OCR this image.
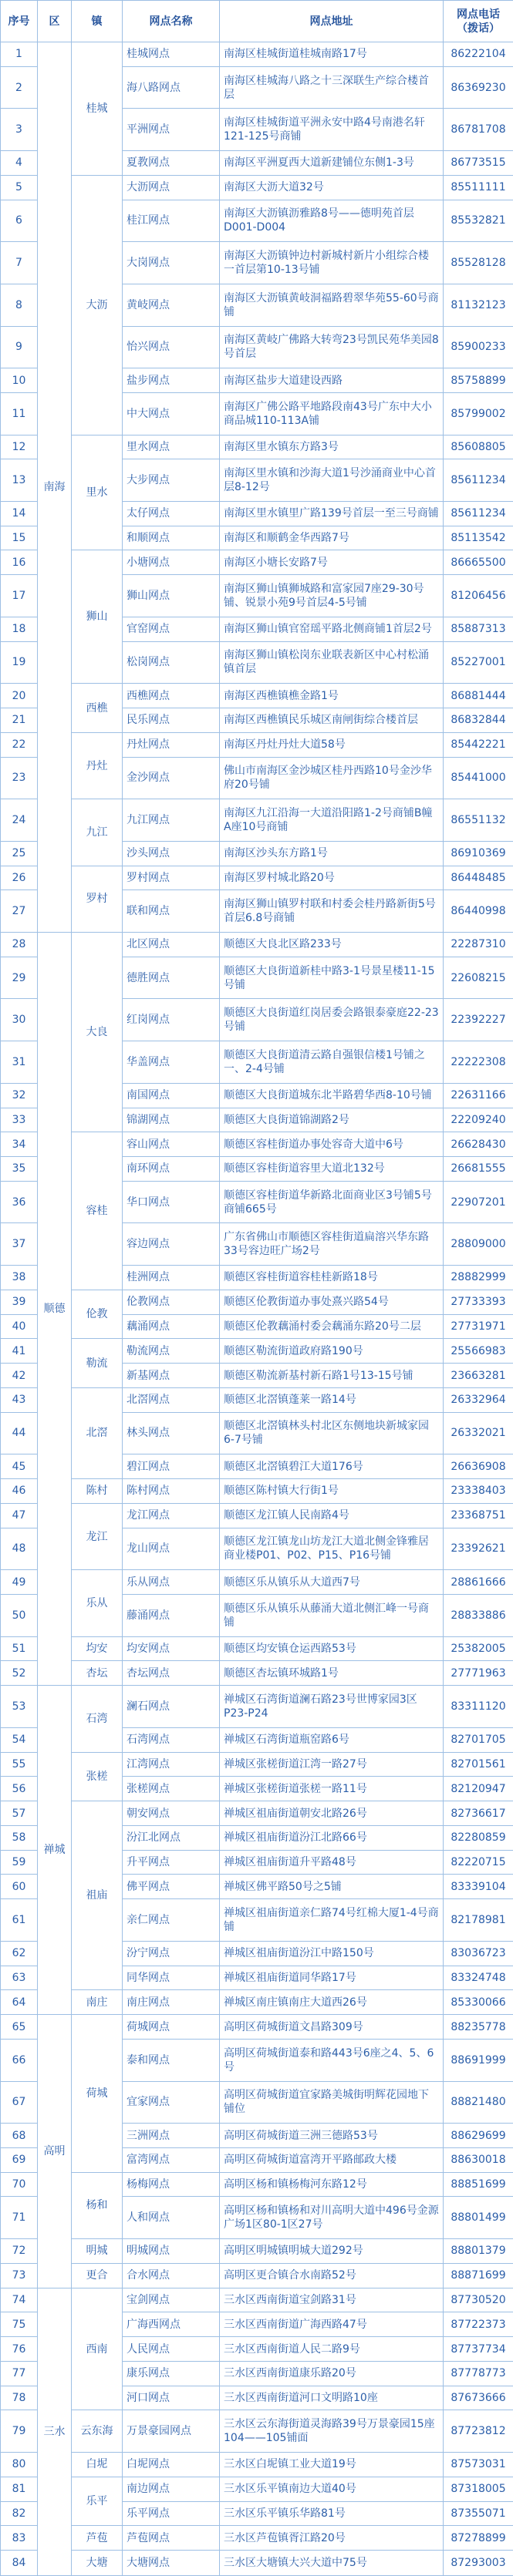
序号	区	镇	网点名称	网点地址	网点电话
（拨话）
1	南海	桂城	桂城网点	南海区桂城街道桂城南路17号	86222104
2			海八路网点	南海区桂城海八路之十三深联生产综合楼首层	86369230
3			平洲网点	南海区桂城街道平洲永安中路4号南港名轩121-125号商铺	86781708
4			夏教网点	南海区平洲夏西大道新建铺位东侧1-3号	86773515
5		大沥	大沥网点	南海区大沥大道32号	85511111
6			桂江网点	南海区大沥镇沥雅路8号——德明苑首层D001-D004	85532821
7			大岗网点	南海区大沥镇钟边村新城村新片小组综合楼一首层第10-13号铺	85528128
8			黄岐网点	南海区大沥镇黄岐洞福路碧翠华苑55-60号商铺	81132123
9			怡兴网点	南海区黄岐广佛路大转弯23号凯民苑华美园8号首层	85900233
10			盐步网点	南海区盐步大道建设西路	85758899
11			中大网点	南海区广佛公路平地路段南43号广东中大小商品城110-113A铺	85799002
12		里水	里水网点	南海区里水镇东方路3号	85608805
13			大步网点	南海区里水镇和沙海大道1号沙涌商业中心首层8-12号	85611234
14			太仔网点	南海区里水镇里广路139号首层一至三号商铺	85611234
15			和顺网点	南海区和顺鹤金华西路7号	85113542
16		狮山	小塘网点	南海区小塘长安路7号	86665500
17			狮山网点	南海区狮山镇狮城路和富家园7座29-30号铺、锐景小苑9号首层4-5号铺	81206456
18			官窑网点	南海区狮山镇官窑瑶平路北侧商铺1首层2号	85887313
19			松岗网点	南海区狮山镇松岗东业联表新区中心村松涌镇首层	85227001
20		西樵	西樵网点	南海区西樵镇樵金路1号	86881444
21			民乐网点	南海区西樵镇民乐城区南闸街综合楼首层	86832844
22		丹灶	丹灶网点	南海区丹灶丹灶大道58号	85442221
23			金沙网点	佛山市南海区金沙城区桂丹西路10号金沙华府20号铺	85441000
24		九江	九江网点	南海区九江沿海一大道沿阳路1-2号商铺B幢A座10号商铺	86551132
25			沙头网点	南海区沙头东方路1号	86910369
26		罗村	罗村网点	南海区罗村城北路20号	86448485
27			联和网点	南海区狮山镇罗村联和村委会桂丹路新街5号首层6.8号商铺	86440998
28	顺德	大良	北区网点	顺德区大良北区路233号	22287310
29			德胜网点	顺德区大良街道新桂中路3-1号景星楼11-15号铺	22608215
30			红岗网点	顺德区大良街道红岗居委会路银泰豪庭22-23号铺	22392227
31			华盖网点	顺德区大良街道清云路自强银信楼1号铺之一、2-4号铺	22222308
32			南国网点	顺德区大良街道城东北半路碧华西8-10号铺	22631166
33			锦湖网点	顺德区大良街道锦湖路2号	22209240
34		容桂	容山网点	顺德区容桂街道办事处容奇大道中6号	26628430
35			南环网点	顺德区容桂街道容里大道北132号	26681555
36			华口网点	顺德区容桂街道华新路北面商业区3号铺5号商铺665号	22907201
37			容边网点	广东省佛山市顺德区容桂街道扁溶兴华东路33号容边旺广场2号	28809000
38			桂洲网点	顺德区容桂街道容桂桂新路18号	28882999
39		伦教	伦教网点	顺德区伦教街道办事处熹兴路54号	27733393
40			藕涌网点	顺德区伦教藕涌村委会藕涌东路20号二层	27731971
41		勒流	勒流网点	顺德区勒流街道政府路190号	25566983
42			新基网点	顺德区勒流新基村新石路1号13-15号铺	23663281
43		北滘	北滘网点	顺德区北滘镇蓬莱一路14号	26332964
44			林头网点	顺德区北滘镇林头村北区东侧地块新城家园6-7号铺	26332021
45			碧江网点	顺德区北滘镇碧江大道176号	26636908
46		陈村	陈村网点	顺德区陈村镇大行街1号	23338403
47		龙江	龙江网点	顺德区龙江镇人民南路4号	23368751
48			龙山网点	顺德区龙江镇龙山坊龙江大道北侧金锋雅居商业楼P01、P02、P15、P16号铺	23392621
49		乐从	乐从网点	顺德区乐从镇乐从大道西7号	28861666
50			藤涌网点	顺德区乐从镇乐从藤涌大道北侧汇峰一号商铺	28833886
51		均安	均安网点	顺德区均安镇仓运西路53号	25382005
52		杏坛	杏坛网点	顺德区杏坛镇环城路1号	27771963
53	禅城	石湾	澜石网点	禅城区石湾街道澜石路23号世博家园3区P23-P24	83311120
54			石湾网点	禅城区石湾街道瓶窑路6号	82701705
55		张槎	江湾网点	禅城区张槎街道江湾一路27号	82701561
56			张槎网点	禅城区张槎街道张槎一路11号	82120947
57		祖庙	朝安网点	禅城区祖庙街道朝安北路26号	82736617
58			汾江北网点	禅城区祖庙街道汾江北路66号	82280859
59			升平网点	禅城区祖庙街道升平路48号	82220715
60			佛平网点	禅城区佛平路50号之5铺	83339104
61			亲仁网点	禅城区祖庙街道亲仁路74号红棉大厦1-4号商铺	82178981
62			汾宁网点	禅城区祖庙街道汾江中路150号	83036723
63			同华网点	禅城区祖庙街道同华路17号	83324748
64		南庄	南庄网点	禅城区南庄镇南庄大道西26号	85330066
65	高明	荷城	荷城网点	高明区荷城街道文昌路309号	88235778
66			泰和网点	高明区荷城街道泰和路443号6座之4、5、6号	88691999
67			宜家网点	高明区荷城街道宜家路美城街明辉花园地下铺位	88821480
68			三洲网点	高明区荷城街道三洲三德路53号	88629699
69			富湾网点	高明区荷城街道富湾开平路邮政大楼	88630018
70		杨和	杨梅网点	高明区杨和镇杨梅河东路12号	88851699
71			人和网点	高明区杨和镇杨和对川高明大道中496号金源广场1区80-1区27号	88801499
72		明城	明城网点	高明区明城镇明城大道292号	88801379
73		更合	合水网点	高明区更合镇合水南路52号	88871699
74	三水	西南	宝剑网点	三水区西南街道宝剑路31号	87730520
75			广海西网点	三水区西南街道广海西路47号	87722373
76			人民网点	三水区西南街道人民二路9号	87737734
77			康乐网点	三水区西南街道康乐路20号	87778773
78			河口网点	三水区西南街道河口文明路10座	87673666
79		云东海	万景豪园网点	三水区云东海街道灵海路39号万景豪园15座104——105铺面	87723812
80		白坭	白坭网点	三水区白坭镇工业大道19号	87573031
81		乐平	南边网点	三水区乐平镇南边大道40号	87318005
82			乐平网点	三水区乐平镇乐华路81号	87355071
83		芦苞	芦苞网点	三水区芦苞镇胥江路20号	87278899
84		大塘	大塘网点	三水区大塘镇大兴大道中75号	87293003
